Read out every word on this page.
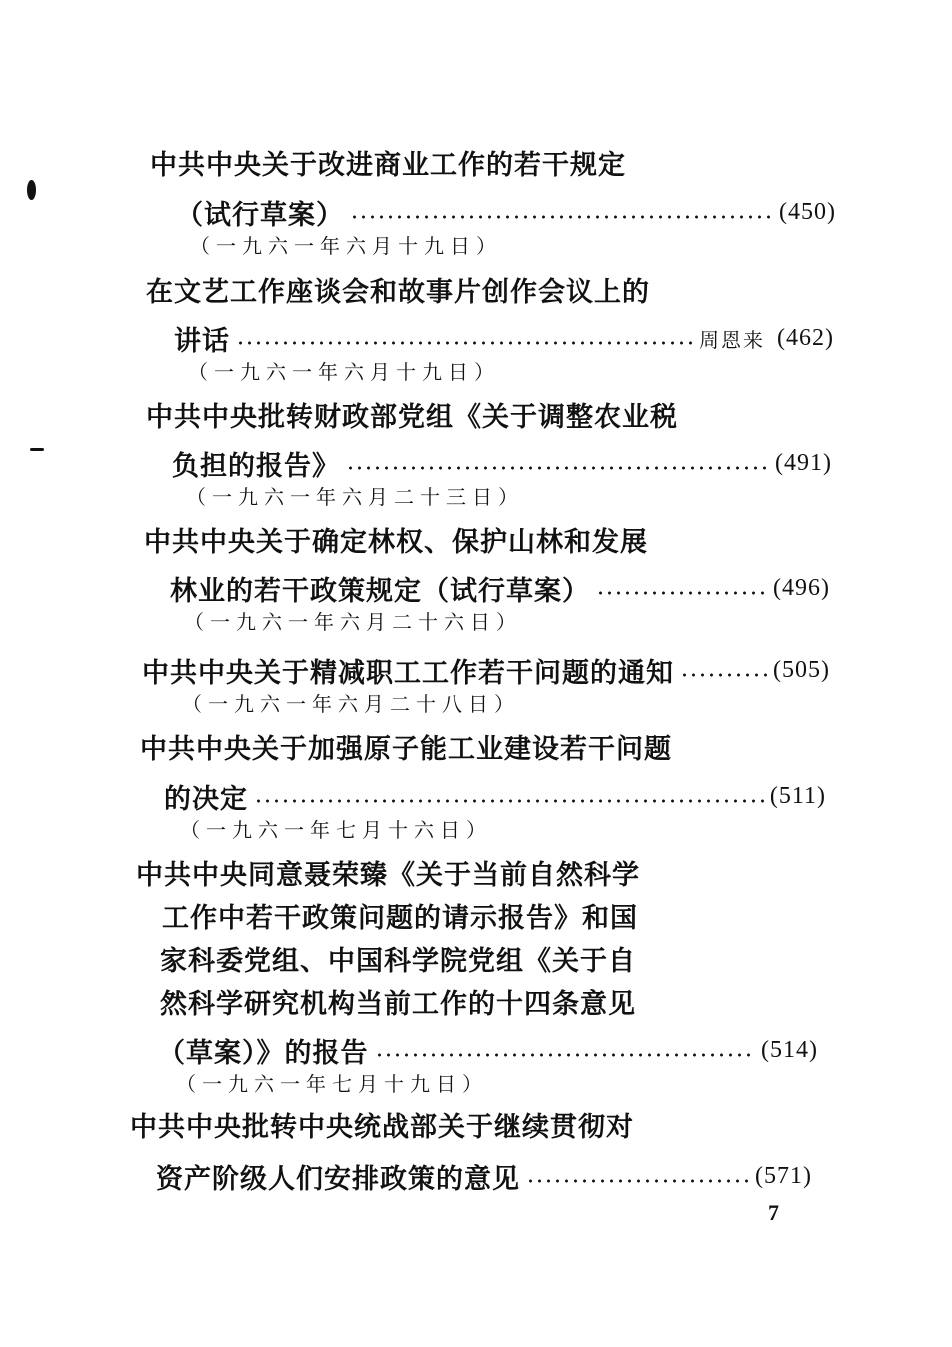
中共中央关于改进商业工作的若干规定
（试行草案）	(450)
（一九六一年六月十九日）
在文艺工作座谈会和故事片创作会议上的
讲话	周恩来 (462)
（一九六一年六月十九日）
中共中央批转财政部党组《关于调整农业税
负担的报告》	(491)
（一九六一年六月二十三日）
中共中央关于确定林权、保护山林和发展
林业的若干政策规定（试行草案）	(496)
（一九六一年六月二十六日）
中共中央关于精减职工工作若干问题的通知	(505)
（一九六一年六月二十八日）
中共中央关于加强原子能工业建设若干问题
的决定	(511)
（一九六一年七月十六日）
中共中央同意聂荣臻《关于当前自然科学
工作中若干政策问题的请示报告》和国
家科委党组、中国科学院党组《关于自
然科学研究机构当前工作的十四条意见
（草案）》的报告	(514)
（一九六一年七月十九日）
中共中央批转中央统战部关于继续贯彻对
资产阶级人们安排政策的意见	(571)
7
